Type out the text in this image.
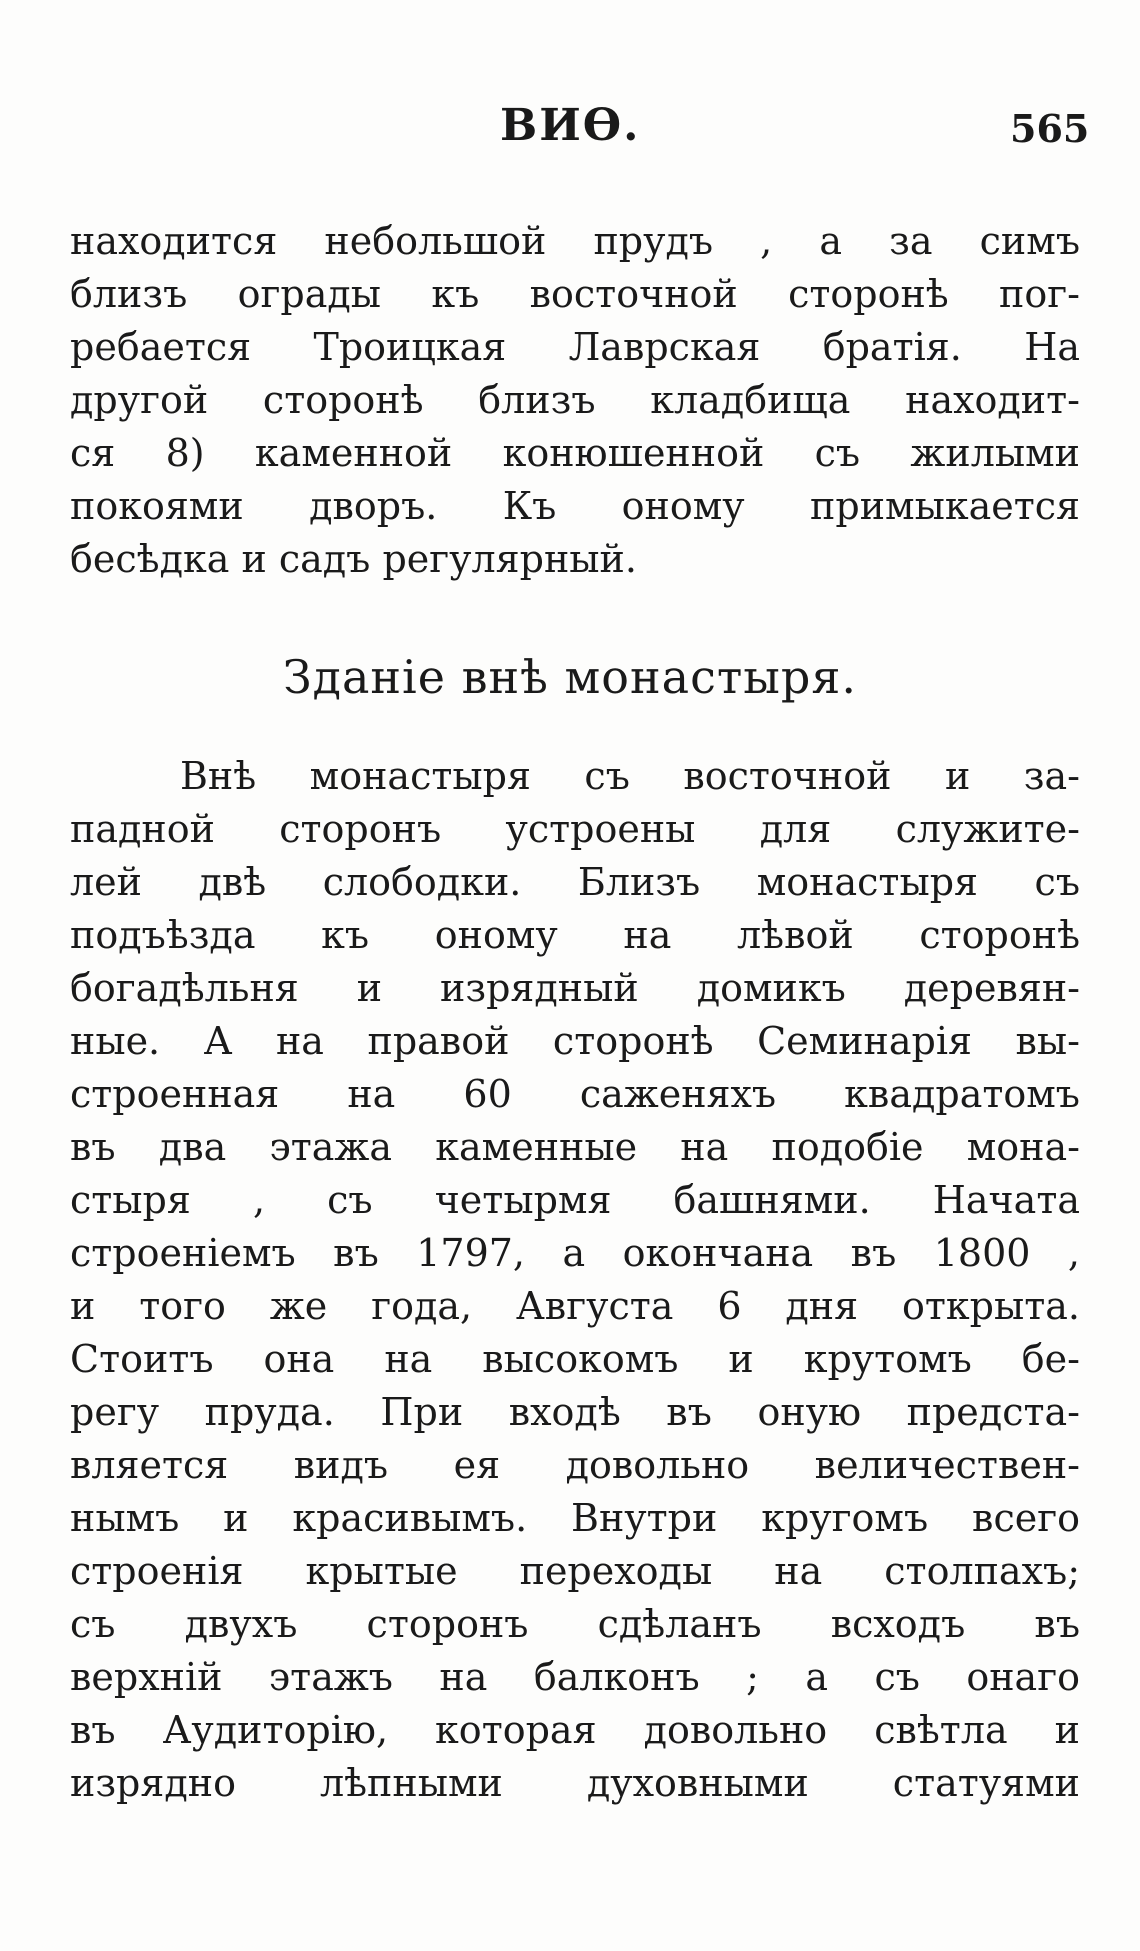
ВИѲ.	565
находится небольшой прудъ , а за симъ
близъ ограды къ восточной сторонѣ пог-
ребается Троицкая Лаврская братія. На
другой сторонѣ близъ кладбища находит-
ся 8) каменной конюшенной съ жилыми
покоями дворъ. Къ оному примыкается
бесѣдка и садъ регулярный.
Зданіе внѣ монастыря.
Внѣ монастыря съ восточной и за-
падной сторонъ устроены для служите-
лей двѣ слободки. Близъ монастыря съ
подъѣзда къ оному на лѣвой сторонѣ
богадѣльня и изрядный домикъ деревян-
ные. А на правой сторонѣ Семинарія вы-
строенная на 60 саженяхъ квадратомъ
въ два этажа каменные на подобіе мона-
стыря , съ четырмя башнями. Начата
строеніемъ въ 1797, а окончана въ 1800 ,
и того же года, Августа 6 дня открыта.
Стоитъ она на высокомъ и крутомъ бе-
регу пруда. При входѣ въ оную предста-
вляется видъ ея довольно величествен-
нымъ и красивымъ. Внутри кругомъ всего
строенія крытые переходы на столпахъ;
съ двухъ сторонъ сдѣланъ всходъ въ
верхній этажъ на балконъ ; а съ онаго
въ Аудиторію, которая довольно свѣтла и
изрядно лѣпными духовными статуями
